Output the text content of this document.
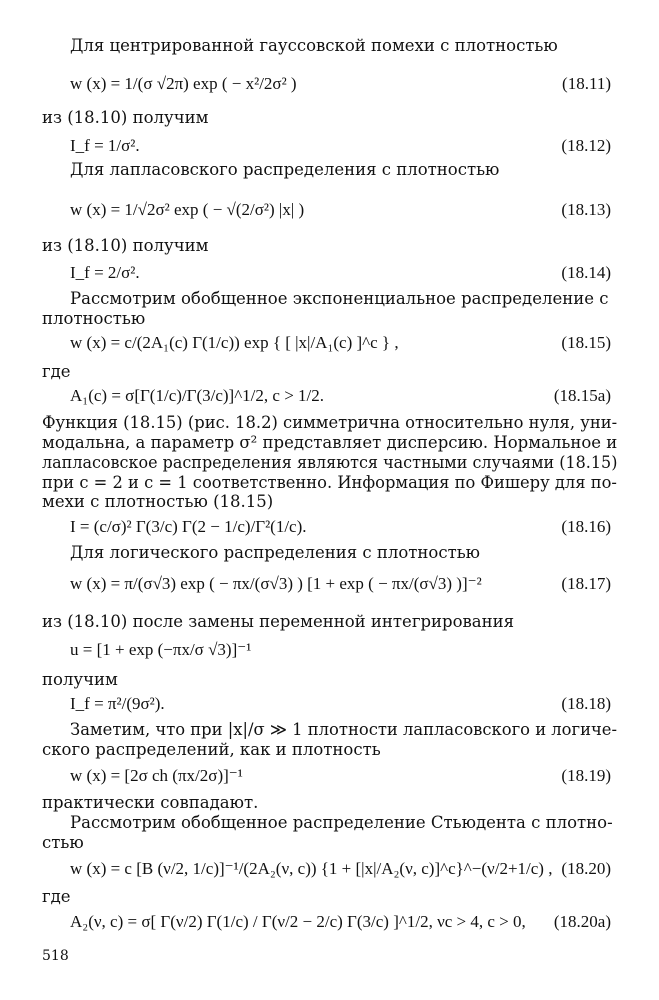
Для центрированной гауссовской помехи с плотностью
w (x) = 1/(σ √2π) exp ( − x²/2σ² )	(18.11)
из (18.10) получим
I_f = 1/σ².	(18.12)
Для лапласовского распределения с плотностью
w (x) = 1/√2σ² exp ( − √(2/σ²) |x| )	(18.13)
из (18.10) получим
I_f = 2/σ².	(18.14)
Рассмотрим обобщенное экспоненциальное распределение с
плотностью
w (x) = c/(2A₁(c) Γ(1/c)) exp { [ |x|/A₁(c) ]^c } ,	(18.15)
где
A₁(c) = σ[Γ(1/c)/Γ(3/c)]^1/2, c > 1/2.	(18.15а)
Функция (18.15) (рис. 18.2) симметрична относительно нуля, уни-
модальна, а параметр σ² представляет дисперсию. Нормальное и
лапласовское распределения являются частными случаями (18.15)
при c = 2 и c = 1 соответственно. Информация по Фишеру для по-
мехи с плотностью (18.15)
I = (c/σ)² Γ(3/c) Γ(2 − 1/c)/Γ²(1/c).	(18.16)
Для логического распределения с плотностью
w (x) = π/(σ√3) exp ( − πx/(σ√3) ) [1 + exp ( − πx/(σ√3) )]⁻²	(18.17)
из (18.10) после замены переменной интегрирования
u = [1 + exp (−πx/σ √3)]⁻¹
получим
I_f = π²/(9σ²).	(18.18)
Заметим, что при |x|/σ ≫ 1 плотности лапласовского и логиче-
ского распределений, как и плотность
w (x) = [2σ ch (πx/2σ)]⁻¹	(18.19)
практически совпадают.
Рассмотрим обобщенное распределение Стьюдента с плотно-
стью
w (x) = c [B (ν/2, 1/c)]⁻¹/(2A₂(ν, c)) {1 + [|x|/A₂(ν, c)]^c}^−(ν/2+1/c) , (18.20)
где
A₂(ν, c) = σ[ Γ(ν/2) Γ(1/c) / Γ(ν/2 − 2/c) Γ(3/c) ]^1/2, νc > 4, c > 0, (18.20а)
518
